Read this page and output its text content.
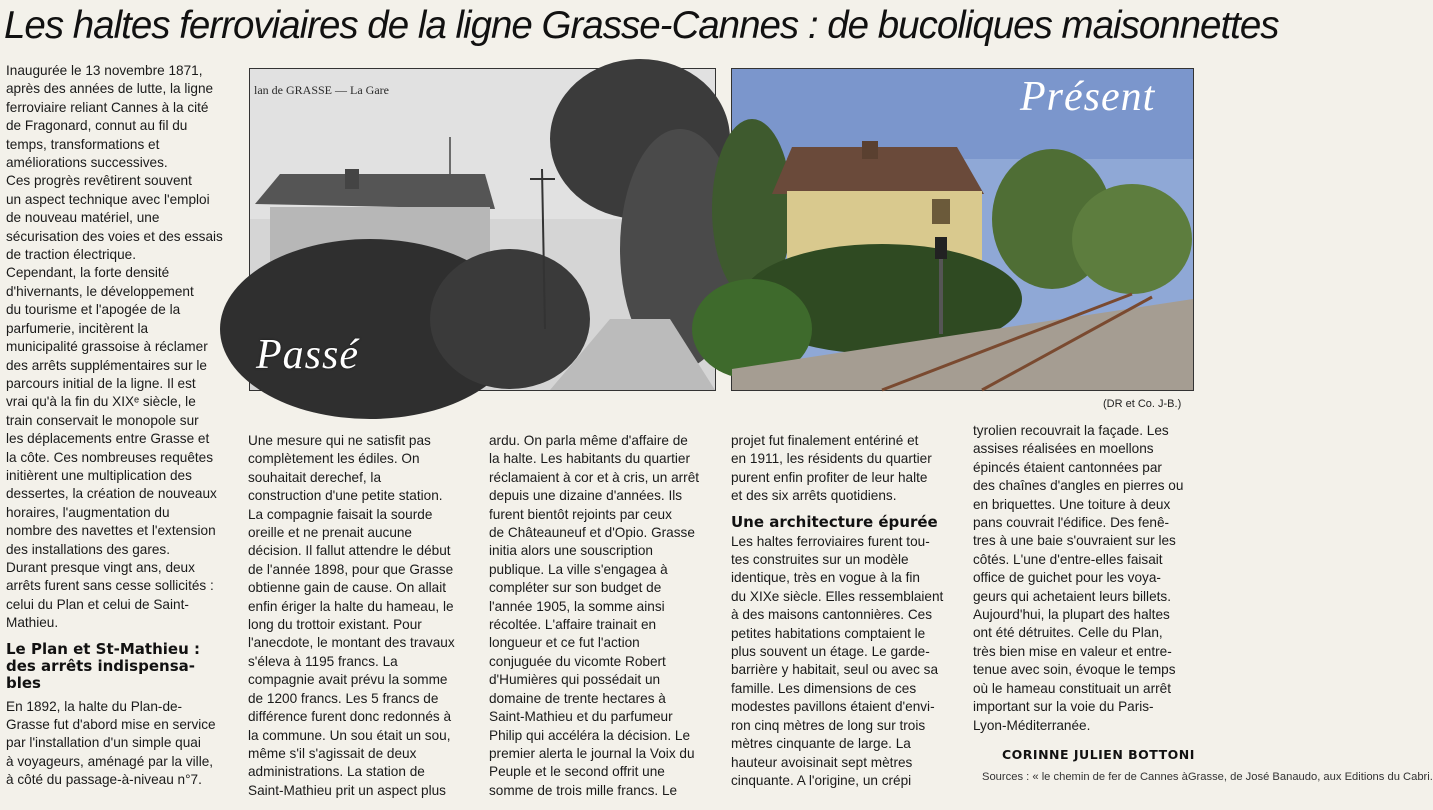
Les haltes ferroviaires de la ligne Grasse-Cannes : de bucoliques maisonnettes
lan de GRASSE — La Gare
Passé
Présent
(DR et Co. J-B.)
Inaugurée le 13 novembre 1871,
après des années de lutte, la ligne
ferroviaire reliant Cannes à la cité
de Fragonard, connut au fil du
temps, transformations et
améliorations successives.
Ces progrès revêtirent souvent
un aspect technique avec l'emploi
de nouveau matériel, une
sécurisation des voies et des essais
de traction électrique.
Cependant, la forte densité
d'hivernants, le développement
du tourisme et l'apogée de la
parfumerie, incitèrent la
municipalité grassoise à réclamer
des arrêts supplémentaires sur le
parcours initial de la ligne. Il est
vrai qu'à la fin du XIXᵉ siècle, le
train conservait le monopole sur
les déplacements entre Grasse et
la côte. Ces nombreuses requêtes
initièrent une multiplication des
dessertes, la création de nouveaux
horaires, l'augmentation du
nombre des navettes et l'extension
des installations des gares.
Durant presque vingt ans, deux
arrêts furent sans cesse sollicités :
celui du Plan et celui de Saint-
Mathieu.
Le Plan et St-Mathieu :
des arrêts indispensa-
bles
En 1892, la halte du Plan-de-
Grasse fut d'abord mise en service
par l'installation d'un simple quai
à voyageurs, aménagé par la ville,
à côté du passage-à-niveau n°7.
Une mesure qui ne satisfit pas
complètement les édiles. On
souhaitait derechef, la
construction d'une petite station.
La compagnie faisait la sourde
oreille et ne prenait aucune
décision. Il fallut attendre le début
de l'année 1898, pour que Grasse
obtienne gain de cause. On allait
enfin ériger la halte du hameau, le
long du trottoir existant. Pour
l'anecdote, le montant des travaux
s'éleva à 1195 francs. La
compagnie avait prévu la somme
de 1200 francs. Les 5 francs de
différence furent donc redonnés à
la commune. Un sou était un sou,
même s'il s'agissait de deux
administrations. La station de
Saint-Mathieu prit un aspect plus
ardu. On parla même d'affaire de
la halte. Les habitants du quartier
réclamaient à cor et à cris, un arrêt
depuis une dizaine d'années. Ils
furent bientôt rejoints par ceux
de Châteauneuf et d'Opio. Grasse
initia alors une souscription
publique. La ville s'engagea à
compléter sur son budget de
l'année 1905, la somme ainsi
récoltée. L'affaire trainait en
longueur et ce fut l'action
conjuguée du vicomte Robert
d'Humières qui possédait un
domaine de trente hectares à
Saint-Mathieu et du parfumeur
Philip qui accéléra la décision. Le
premier alerta le journal la Voix du
Peuple et le second offrit une
somme de trois mille francs. Le
projet fut finalement entériné et
en 1911, les résidents du quartier
purent enfin profiter de leur halte
et des six arrêts quotidiens.
Une architecture épurée
Les haltes ferroviaires furent tou-
tes construites sur un modèle
identique, très en vogue à la fin
du XIXe siècle. Elles ressemblaient
à des maisons cantonnières. Ces
petites habitations comptaient le
plus souvent un étage. Le garde-
barrière y habitait, seul ou avec sa
famille. Les dimensions de ces
modestes pavillons étaient d'envi-
ron cinq mètres de long sur trois
mètres cinquante de large. La
hauteur avoisinait sept mètres
cinquante. A l'origine, un crépi
tyrolien recouvrait la façade. Les
assises réalisées en moellons
épincés étaient cantonnées par
des chaînes d'angles en pierres ou
en briquettes. Une toiture à deux
pans couvrait l'édifice. Des fenê-
tres à une baie s'ouvraient sur les
côtés. L'une d'entre-elles faisait
office de guichet pour les voya-
geurs qui achetaient leurs billets.
Aujourd'hui, la plupart des haltes
ont été détruites. Celle du Plan,
très bien mise en valeur et entre-
tenue avec soin, évoque le temps
où le hameau constituait un arrêt
important sur la voie du Paris-
Lyon-Méditerranée.
CORINNE JULIEN BOTTONI
Sources : « le chemin de fer de Cannes àGrasse, de José Banaudo, aux Editions du Cabri.
